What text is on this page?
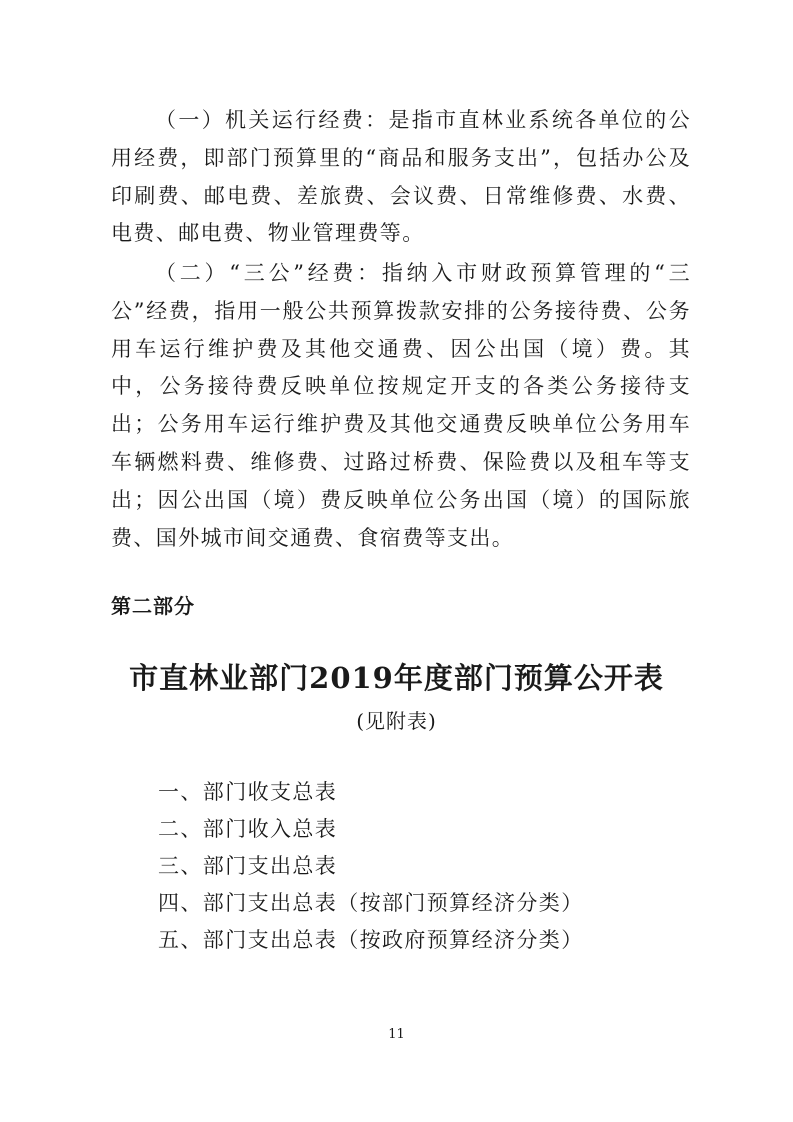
（一）机关运行经费：是指市直林业系统各单位的公用经费，即部门预算里的“商品和服务支出”，包括办公及印刷费、邮电费、差旅费、会议费、日常维修费、水费、电费、邮电费、物业管理费等。

（二）“三公”经费：指纳入市财政预算管理的“三公”经费，指用一般公共预算拨款安排的公务接待费、公务用车运行维护费及其他交通费、因公出国（境）费。其中，公务接待费反映单位按规定开支的各类公务接待支出；公务用车运行维护费及其他交通费反映单位公务用车车辆燃料费、维修费、过路过桥费、保险费以及租车等支出；因公出国（境）费反映单位公务出国（境）的国际旅费、国外城市间交通费、食宿费等支出。

第二部分
市直林业部门2019年度部门预算公开表

(见附表)

一、部门收支总表
二、部门收入总表
三、部门支出总表
四、部门支出总表（按部门预算经济分类）
五、部门支出总表（按政府预算经济分类）

11
